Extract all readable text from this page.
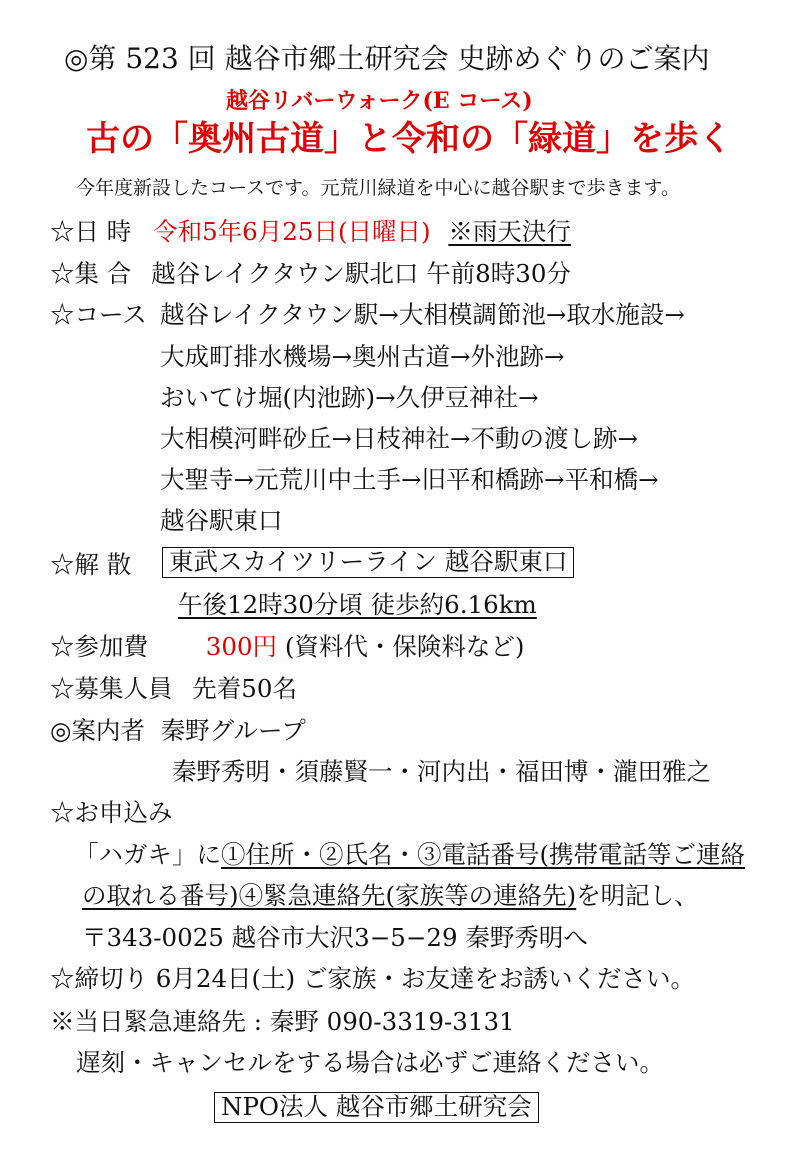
◎第 523 回 越谷市郷土研究会 史跡めぐりのご案内
越谷リバーウォーク(E コース)
古の「奥州古道」と令和の「緑道」を歩く
今年度新設したコースです。元荒川緑道を中心に越谷駅まで歩きます。
☆日 時 令和5年6月25日(日曜日) ※雨天決行
☆集 合 越谷レイクタウン駅北口 午前8時30分
☆コース 越谷レイクタウン駅→大相模調節池→取水施設→
大成町排水機場→奥州古道→外池跡→
おいてけ堀(内池跡)→久伊豆神社→
大相模河畔砂丘→日枝神社→不動の渡し跡→
大聖寺→元荒川中土手→旧平和橋跡→平和橋→
越谷駅東口
☆解 散 東武スカイツリーライン 越谷駅東口
午後12時30分頃 徒歩約6.16km
☆参加費 300円 (資料代・保険料など)
☆募集人員 先着50名
◎案内者 秦野グループ
秦野秀明・須藤賢一・河内出・福田博・瀧田雅之
☆お申込み
「ハガキ」に①住所・②氏名・③電話番号(携帯電話等ご連絡
の取れる番号)④緊急連絡先(家族等の連絡先)を明記し、
〒343-0025 越谷市大沢3−5−29 秦野秀明へ
☆締切り 6月24日(土) ご家族・お友達をお誘いください。
※当日緊急連絡先 : 秦野 090-3319-3131
遅刻・キャンセルをする場合は必ずご連絡ください。
NPO法人 越谷市郷土研究会
